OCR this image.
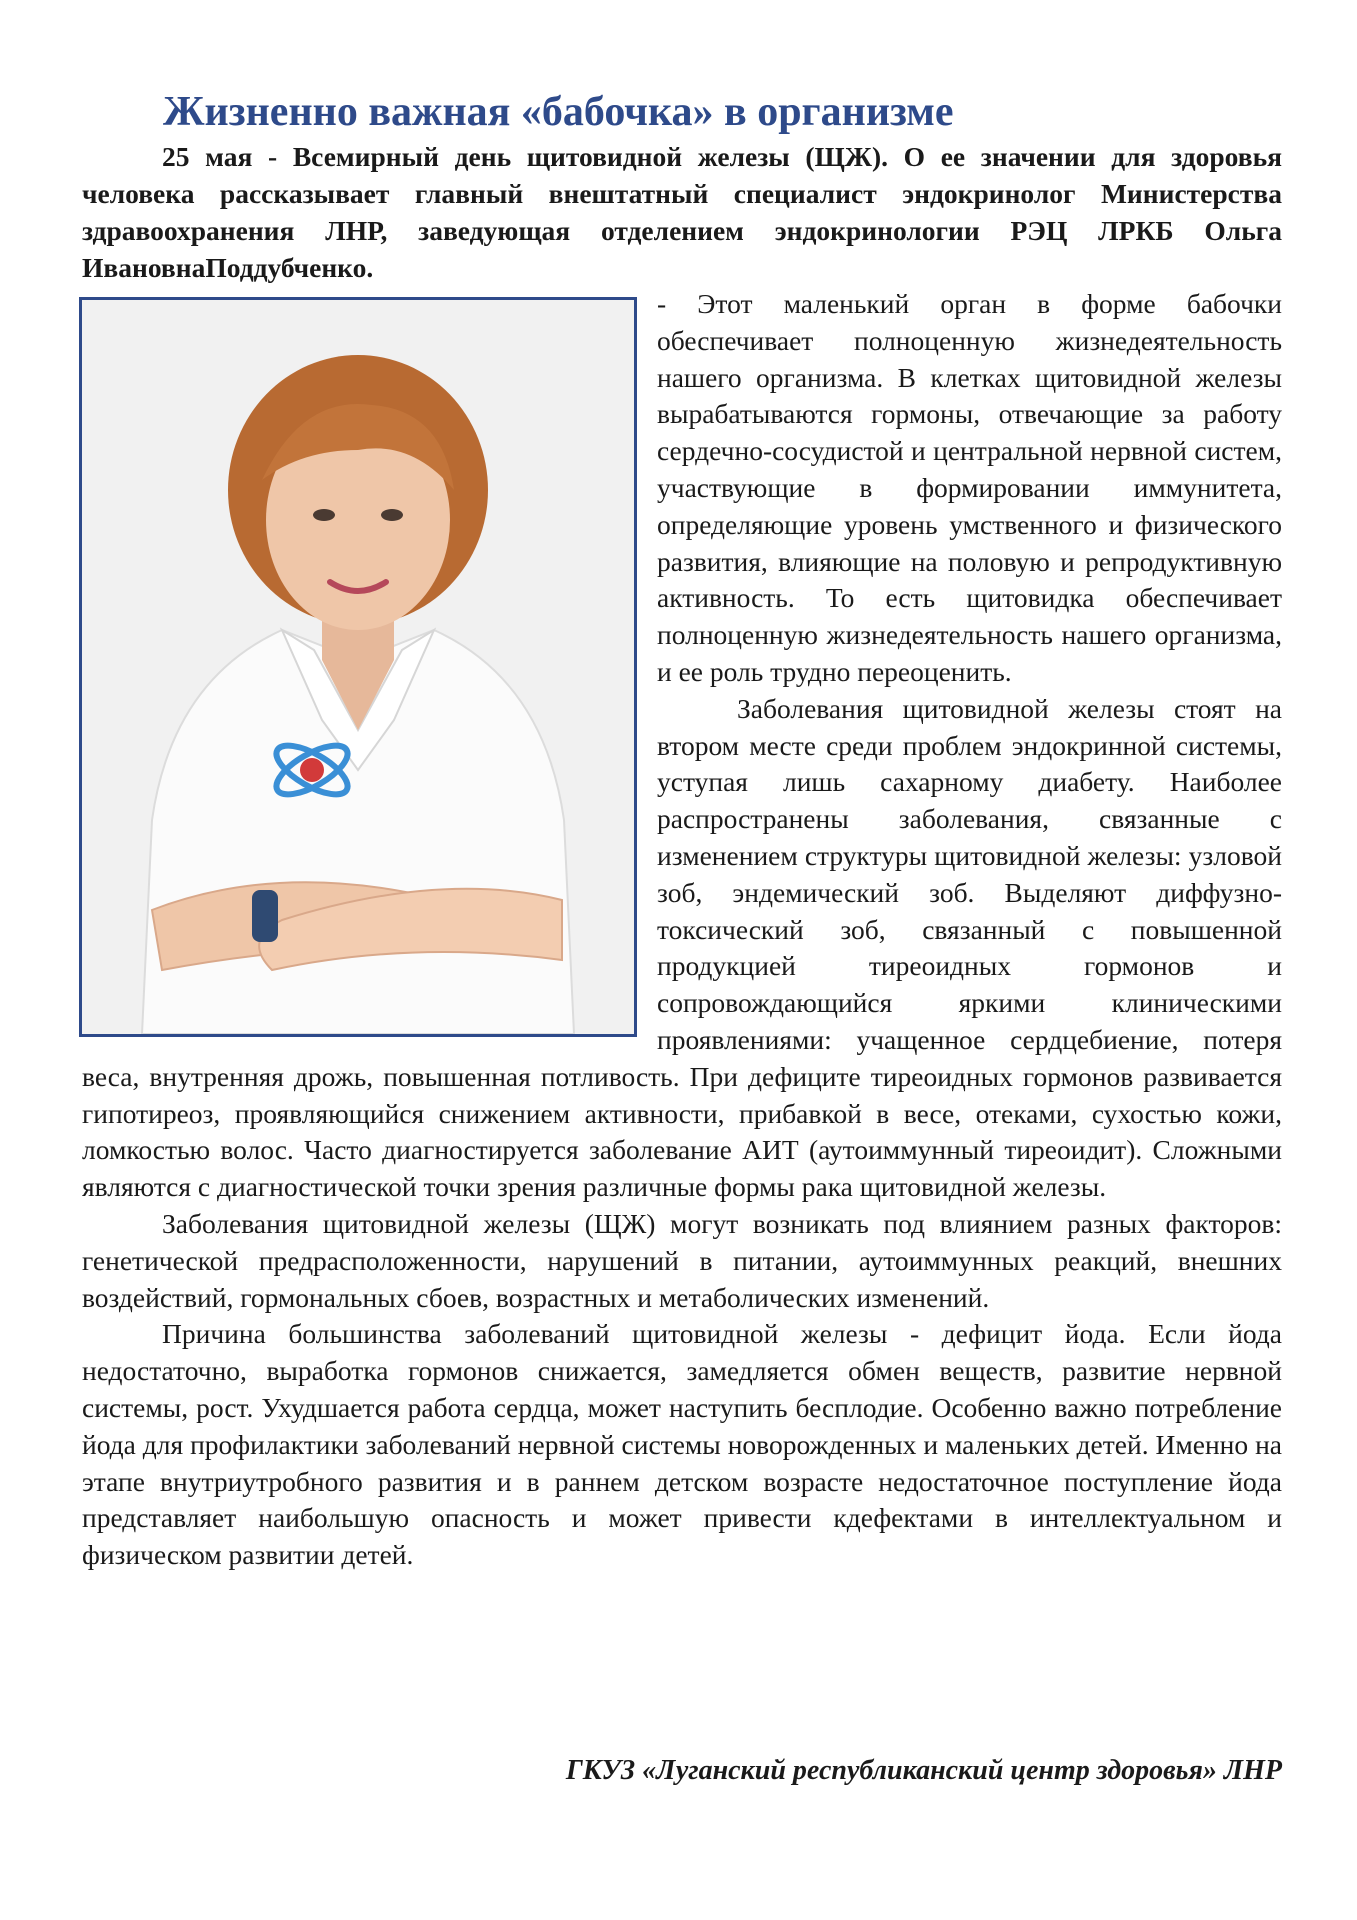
Жизненно важная «бабочка» в организме

25 мая - Всемирный день щитовидной железы (ЩЖ). О ее значении для здоровья человека рассказывает главный внештатный специалист эндокринолог Министерства здравоохранения ЛНР, заведующая отделением эндокринологии РЭЦ ЛРКБ Ольга ИвановнаПоддубченко.

- Этот маленький орган в форме бабочки обеспечивает полноценную жизнедеятельность нашего организма. В клетках щитовидной железы вырабатываются гормоны, отвечающие за работу сердечно-сосудистой и центральной нервной систем, участвующие в формировании иммунитета, определяющие уровень умственного и физического развития, влияющие на половую и репродуктивную активность. То есть щитовидка обеспечивает полноценную жизнедеятельность нашего организма, и ее роль трудно переоценить.

Заболевания щитовидной железы стоят на втором месте среди проблем эндокринной системы, уступая лишь сахарному диабету. Наиболее распространены заболевания, связанные с изменением структуры щитовидной железы: узловой зоб, эндемический зоб. Выделяют диффузно-токсический зоб, связанный с повышенной продукцией тиреоидных гормонов и сопровождающийся яркими клиническими проявлениями: учащенное сердцебиение, потеря веса, внутренняя дрожь, повышенная потливость. При дефиците тиреоидных гормонов развивается гипотиреоз, проявляющийся снижением активности, прибавкой в весе, отеками, сухостью кожи, ломкостью волос. Часто диагностируется заболевание АИТ (аутоиммунный тиреоидит). Сложными являются с диагностической точки зрения различные формы рака щитовидной железы.

Заболевания щитовидной железы (ЩЖ) могут возникать под влиянием разных факторов: генетической предрасположенности, нарушений в питании, аутоиммунных реакций, внешних воздействий, гормональных сбоев, возрастных и метаболических изменений.

Причина большинства заболеваний щитовидной железы - дефицит йода. Если йода недостаточно, выработка гормонов снижается, замедляется обмен веществ, развитие нервной системы, рост. Ухудшается работа сердца, может наступить бесплодие. Особенно важно потребление йода для профилактики заболеваний нервной системы новорожденных и маленьких детей. Именно на этапе внутриутробного развития и в раннем детском возрасте недостаточное поступление йода представляет наибольшую опасность и может привести кдефектами в интеллектуальном и физическом развитии детей.

ГКУЗ «Луганский республиканский центр здоровья» ЛНР
